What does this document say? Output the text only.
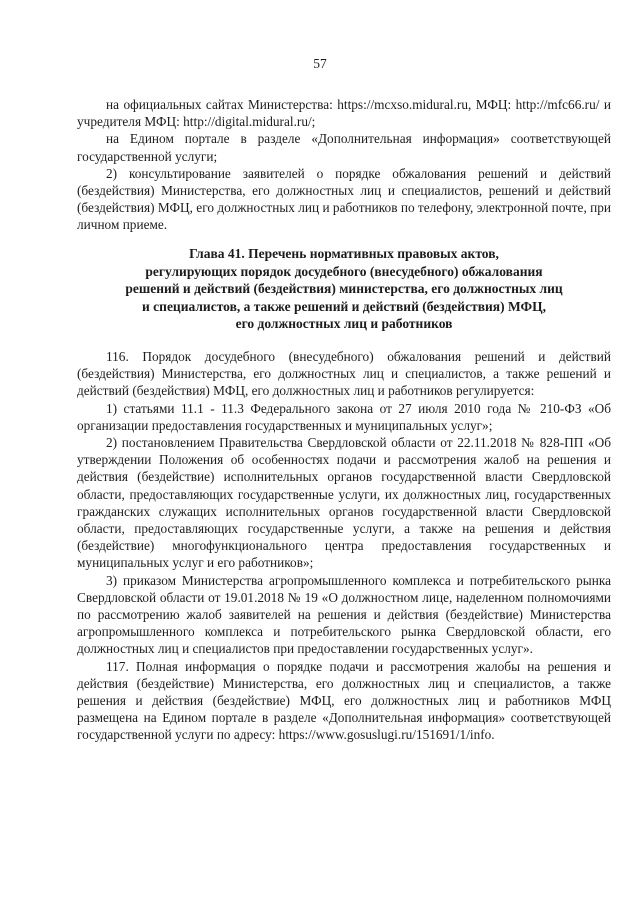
57

на официальных сайтах Министерства: https://mcxso.midural.ru, МФЦ: http://mfc66.ru/ и учредителя МФЦ: http://digital.midural.ru/;

на Едином портале в разделе «Дополнительная информация» соответствующей государственной услуги;

2) консультирование заявителей о порядке обжалования решений и действий (бездействия) Министерства, его должностных лиц и специалистов, решений и действий (бездействия) МФЦ, его должностных лиц и работников по телефону, электронной почте, при личном приеме.

Глава 41. Перечень нормативных правовых актов,
регулирующих порядок досудебного (внесудебного) обжалования
решений и действий (бездействия) министерства, его должностных лиц
и специалистов, а также решений и действий (бездействия) МФЦ,
его должностных лиц и работников

116. Порядок досудебного (внесудебного) обжалования решений и действий (бездействия) Министерства, его должностных лиц и специалистов, а также решений и действий (бездействия) МФЦ, его должностных лиц и работников регулируется:

1) статьями 11.1 - 11.3 Федерального закона от 27 июля 2010 года № 210-ФЗ «Об организации предоставления государственных и муниципальных услуг»;

2) постановлением Правительства Свердловской области от 22.11.2018 № 828-ПП «Об утверждении Положения об особенностях подачи и рассмотрения жалоб на решения и действия (бездействие) исполнительных органов государственной власти Свердловской области, предоставляющих государственные услуги, их должностных лиц, государственных гражданских служащих исполнительных органов государственной власти Свердловской области, предоставляющих государственные услуги, а также на решения и действия (бездействие) многофункционального центра предоставления государственных и муниципальных услуг и его работников»;

3) приказом Министерства агропромышленного комплекса и потребительского рынка Свердловской области от 19.01.2018 № 19 «О должностном лице, наделенном полномочиями по рассмотрению жалоб заявителей на решения и действия (бездействие) Министерства агропромышленного комплекса и потребительского рынка Свердловской области, его должностных лиц и специалистов при предоставлении государственных услуг».

117. Полная информация о порядке подачи и рассмотрения жалобы на решения и действия (бездействие) Министерства, его должностных лиц и специалистов, а также решения и действия (бездействие) МФЦ, его должностных лиц и работников МФЦ размещена на Едином портале в разделе «Дополнительная информация» соответствующей государственной услуги по адресу: https://www.gosuslugi.ru/151691/1/info.
